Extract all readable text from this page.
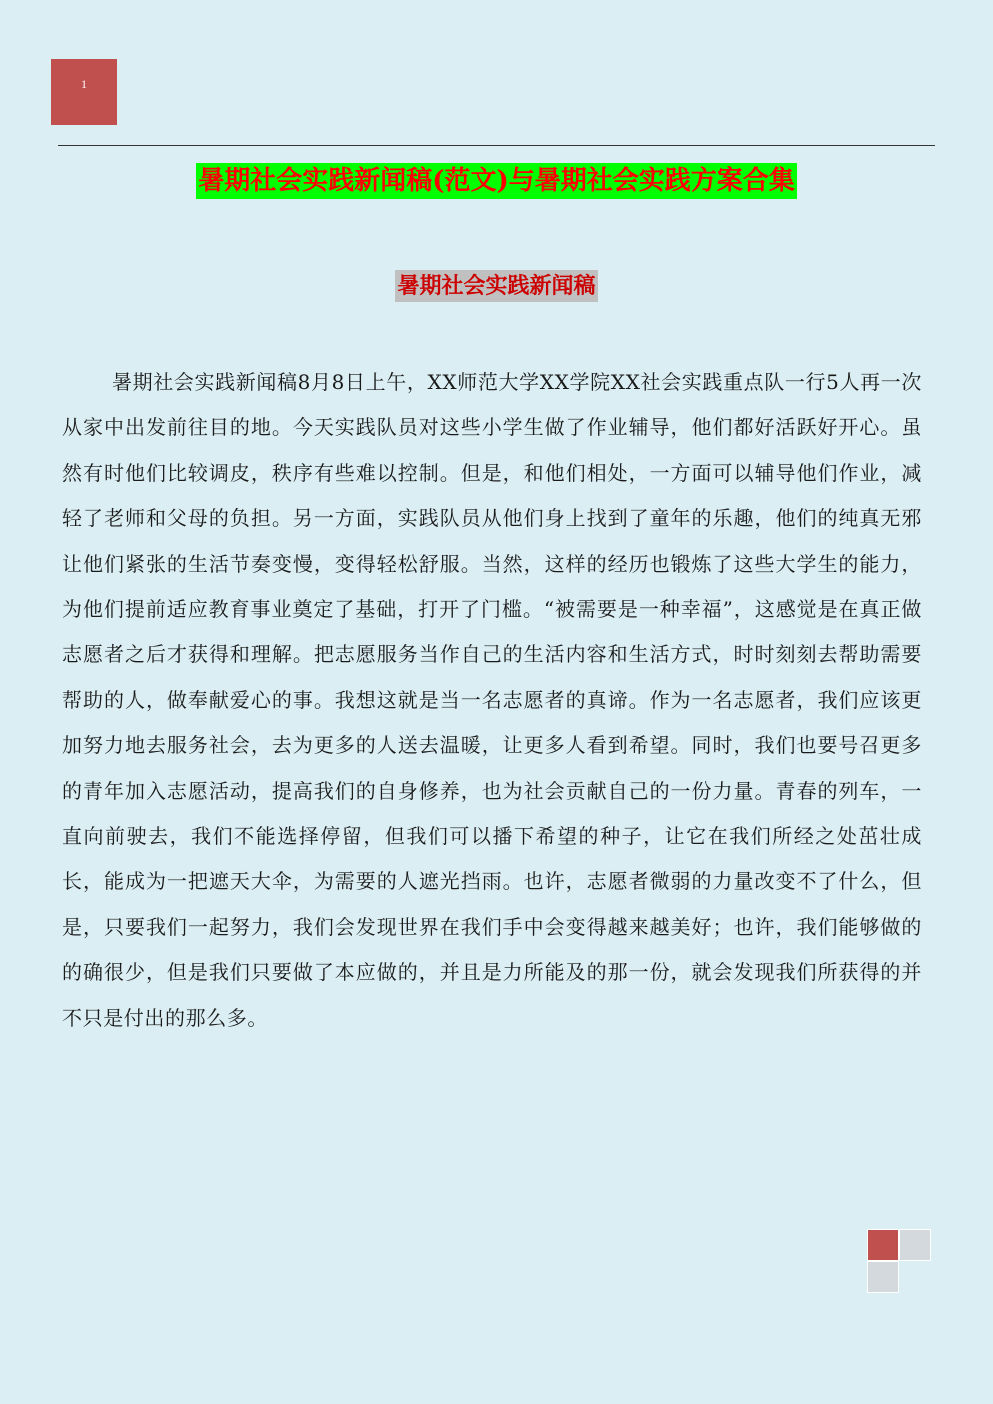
1
暑期社会实践新闻稿(范文)与暑期社会实践方案合集
暑期社会实践新闻稿

暑期社会实践新闻稿8月8日上午，XX师范大学XX学院XX社会实践重点队一行5人再一次从家中出发前往目的地。今天实践队员对这些小学生做了作业辅导，他们都好活跃好开心。虽然有时他们比较调皮，秩序有些难以控制。但是，和他们相处，一方面可以辅导他们作业，减轻了老师和父母的负担。另一方面，实践队员从他们身上找到了童年的乐趣，他们的纯真无邪让他们紧张的生活节奏变慢，变得轻松舒服。当然，这样的经历也锻炼了这些大学生的能力，为他们提前适应教育事业奠定了基础，打开了门槛。“被需要是一种幸福”，这感觉是在真正做志愿者之后才获得和理解。把志愿服务当作自己的生活内容和生活方式，时时刻刻去帮助需要帮助的人，做奉献爱心的事。我想这就是当一名志愿者的真谛。作为一名志愿者，我们应该更加努力地去服务社会，去为更多的人送去温暖，让更多人看到希望。同时，我们也要号召更多的青年加入志愿活动，提高我们的自身修养，也为社会贡献自己的一份力量。青春的列车，一直向前驶去，我们不能选择停留，但我们可以播下希望的种子，让它在我们所经之处茁壮成长，能成为一把遮天大伞，为需要的人遮光挡雨。也许，志愿者微弱的力量改变不了什么，但是，只要我们一起努力，我们会发现世界在我们手中会变得越来越美好；也许，我们能够做的的确很少，但是我们只要做了本应做的，并且是力所能及的那一份，就会发现我们所获得的并不只是付出的那么多。
